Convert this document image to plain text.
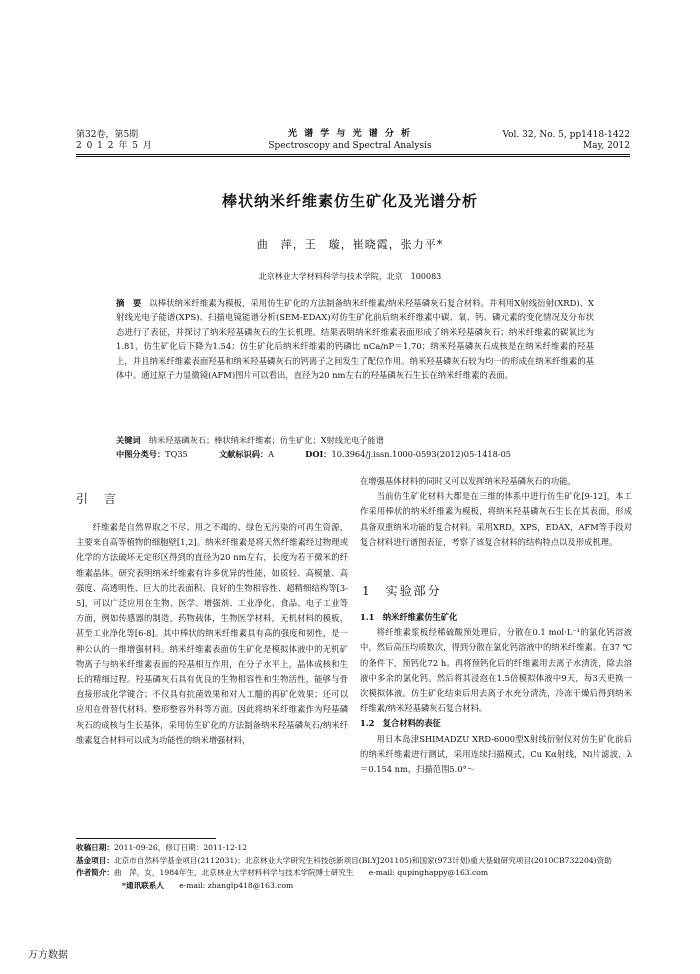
第32卷，第5期
2 0 1 2 年 5 月
光 谱 学 与 光 谱 分 析
Spectroscopy and Spectral Analysis
Vol. 32, No. 5, pp1418-1422
May, 2012
棒状纳米纤维素仿生矿化及光谱分析
曲　萍，王　璇，崔晓霞，张力平*
北京林业大学材料科学与技术学院，北京　100083
摘　要 以棒状纳米纤维素为模板，采用仿生矿化的方法制备纳米纤维素/纳米羟基磷灰石复合材料。并利用X射线衍射(XRD)、X射线光电子能谱(XPS)、扫描电镜能谱分析(SEM-EDAX)对仿生矿化前后纳米纤维素中碳、氧、钙、磷元素的变化情况及分布状态进行了表征，并探讨了纳米羟基磷灰石的生长机理。结果表明纳米纤维素表面形成了纳米羟基磷灰石；纳米纤维素的碳氧比为1.81，仿生矿化后下降为1.54；仿生矿化后纳米纤维素的钙磷比 nCa/nP＝1.70；纳米羟基磷灰石成核是在纳米纤维素的羟基上，并且纳米纤维素表面羟基和纳米羟基磷灰石的钙离子之间发生了配位作用。纳米羟基磷灰石较为均一的形成在纳米纤维素的基体中。通过原子力显微镜(AFM)图片可以看出，直径为20 nm左右的羟基磷灰石生长在纳米纤维素的表面。
关键词　 纳米羟基磷灰石；棒状纳米纤维素；仿生矿化；X射线光电子能谱
中图分类号：TQ35	文献标识码：A	DOI：10.3964/j.issn.1000-0593(2012)05-1418-05
引　言

纤维素是自然界取之不尽、用之不竭的、绿色无污染的可再生资源，主要来自高等植物的细胞壁[1,2]。纳米纤维素是将天然纤维素经过物理或化学的方法破坏无定形区得到的直径为20 nm左右，长度为若干微米的纤维素晶体。研究表明纳米纤维素有许多优异的性能，如质轻、高模量、高强度、高透明性、巨大的比表面积、良好的生物相容性、超精细结构等[3-5]，可以广泛应用在生物、医学、增强剂、工业净化、食品、电子工业等方面，例如传感器的制造，药物载体，生物医学材料，无机材料的模板，甚至工业净化等[6-8]。其中棒状的纳米纤维素具有高的强度和韧性，是一种公认的一维增强材料。纳米纤维素表面仿生矿化是模拟体液中的无机矿物离子与纳米纤维素表面的羟基相互作用，在分子水平上，晶体成核和生长的精细过程。羟基磷灰石具有优良的生物相容性和生物活性，能够与骨直接形成化学键合；不仅具有抗菌效果和对人工髓的再矿化效果；还可以应用在骨替代材料、整形整容外科等方面。因此将纳米纤维素作为羟基磷灰石的成核与生长基体，采用仿生矿化的方法制备纳米羟基磷灰石/纳米纤维素复合材料可以成为功能性的纳米增强材料，

在增强基体材料的同时又可以发挥纳米羟基磷灰石的功能。

当前仿生矿化材料大都是在三维的体系中进行仿生矿化[9-12]，本工作采用棒状的纳米纤维素为模板，将纳米羟基磷灰石生长在其表面，形成具备双重纳米功能的复合材料。采用XRD，XPS，EDAX，AFM等手段对复合材料进行谱图表征，考察了该复合材料的结构特点以及形成机理。

1　实验部分

1.1　纳米纤维素仿生矿化

将纤维素浆板经稀硫酸预处理后，分散在0.1 mol·L⁻¹的氯化钙溶液中，然后高压均质数次，得到分散在氯化钙溶液中的纳米纤维素。在37 ℃的条件下，预钙化72 h。再将预钙化后的纤维素用去离子水清洗，除去溶液中多余的氯化钙。然后将其浸泡在1.5倍模拟体液中9天，每3天更换一次模拟体液。仿生矿化结束后用去离子水充分清洗，冷冻干燥后得到纳米纤维素/纳米羟基磷灰石复合材料。

1.2　复合材料的表征

用日本岛津SHIMADZU XRD-6000型X射线衍射仪对仿生矿化前后的纳米纤维素进行测试，采用连续扫描模式，Cu Kα射线，Ni片滤波，λ＝0.154 nm，扫描范围5.0°～

收稿日期：2011-09-26，修订日期：2011-12-12
基金项目：北京市自然科学基金项目(2112031)；北京林业大学研究生科技创新项目(BLYJ201105)和国家(973计划)重大基础研究项目(2010CB732204)资助
作者简介：曲　萍，女，1984年生，北京林业大学材料科学与技术学院博士研究生　　e-mail: qupinghappy@163.com
*通讯联系人　　 e-mail: zhanglp418@163.com
万方数据
